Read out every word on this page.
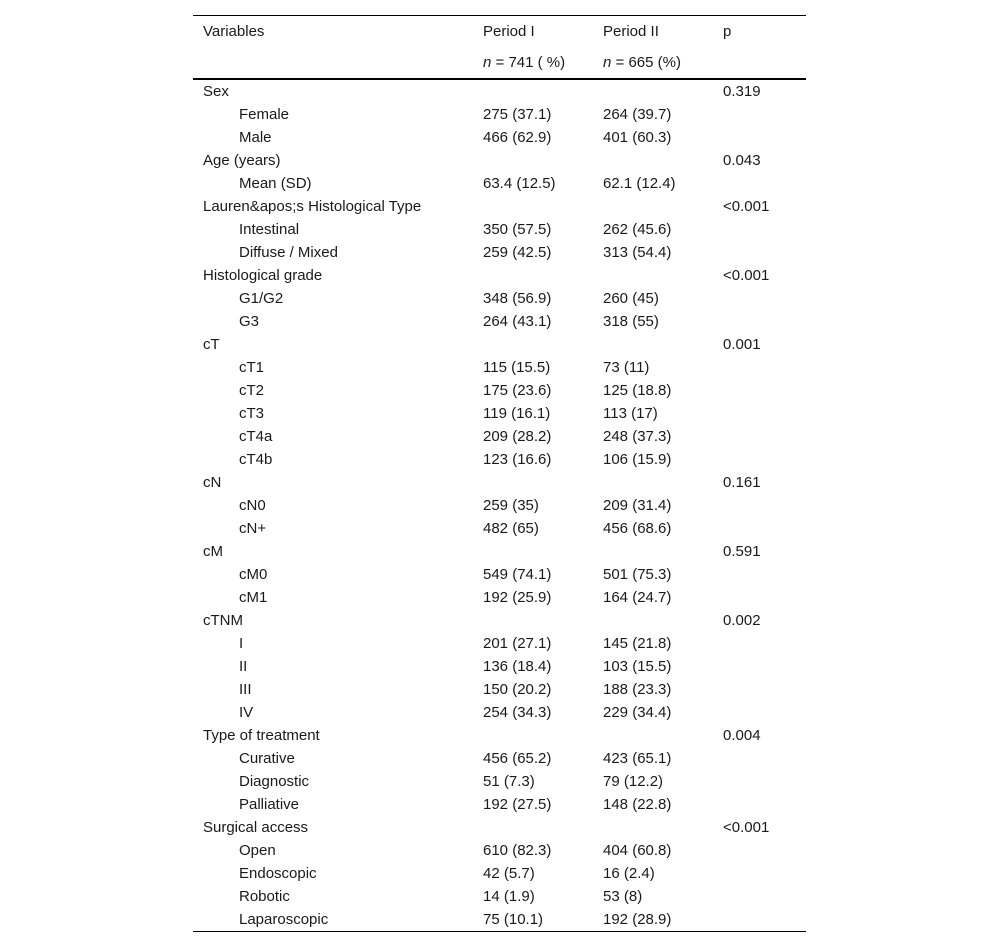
Variables	Period I	Period II	p
	n = 741 ( %)	n = 665 (%)	
Sex			0.319
Female	275 (37.1)	264 (39.7)	
Male	466 (62.9)	401 (60.3)	
Age (years)			0.043
Mean (SD)	63.4 (12.5)	62.1 (12.4)	
Lauren&apos;s Histological Type			<0.001
Intestinal	350 (57.5)	262 (45.6)	
Diffuse / Mixed	259 (42.5)	313 (54.4)	
Histological grade			<0.001
G1/G2	348 (56.9)	260 (45)	
G3	264 (43.1)	318 (55)	
cT			0.001
cT1	115 (15.5)	73 (11)	
cT2	175 (23.6)	125 (18.8)	
cT3	119 (16.1)	113 (17)	
cT4a	209 (28.2)	248 (37.3)	
cT4b	123 (16.6)	106 (15.9)	
cN			0.161
cN0	259 (35)	209 (31.4)	
cN+	482 (65)	456 (68.6)	
cM			0.591
cM0	549 (74.1)	501 (75.3)	
cM1	192 (25.9)	164 (24.7)	
cTNM			0.002
I	201 (27.1)	145 (21.8)	
II	136 (18.4)	103 (15.5)	
III	150 (20.2)	188 (23.3)	
IV	254 (34.3)	229 (34.4)	
Type of treatment			0.004
Curative	456 (65.2)	423 (65.1)	
Diagnostic	51 (7.3)	79 (12.2)	
Palliative	192 (27.5)	148 (22.8)	
Surgical access			<0.001
Open	610 (82.3)	404 (60.8)	
Endoscopic	42 (5.7)	16 (2.4)	
Robotic	14 (1.9)	53 (8)	
Laparoscopic	75 (10.1)	192 (28.9)	
